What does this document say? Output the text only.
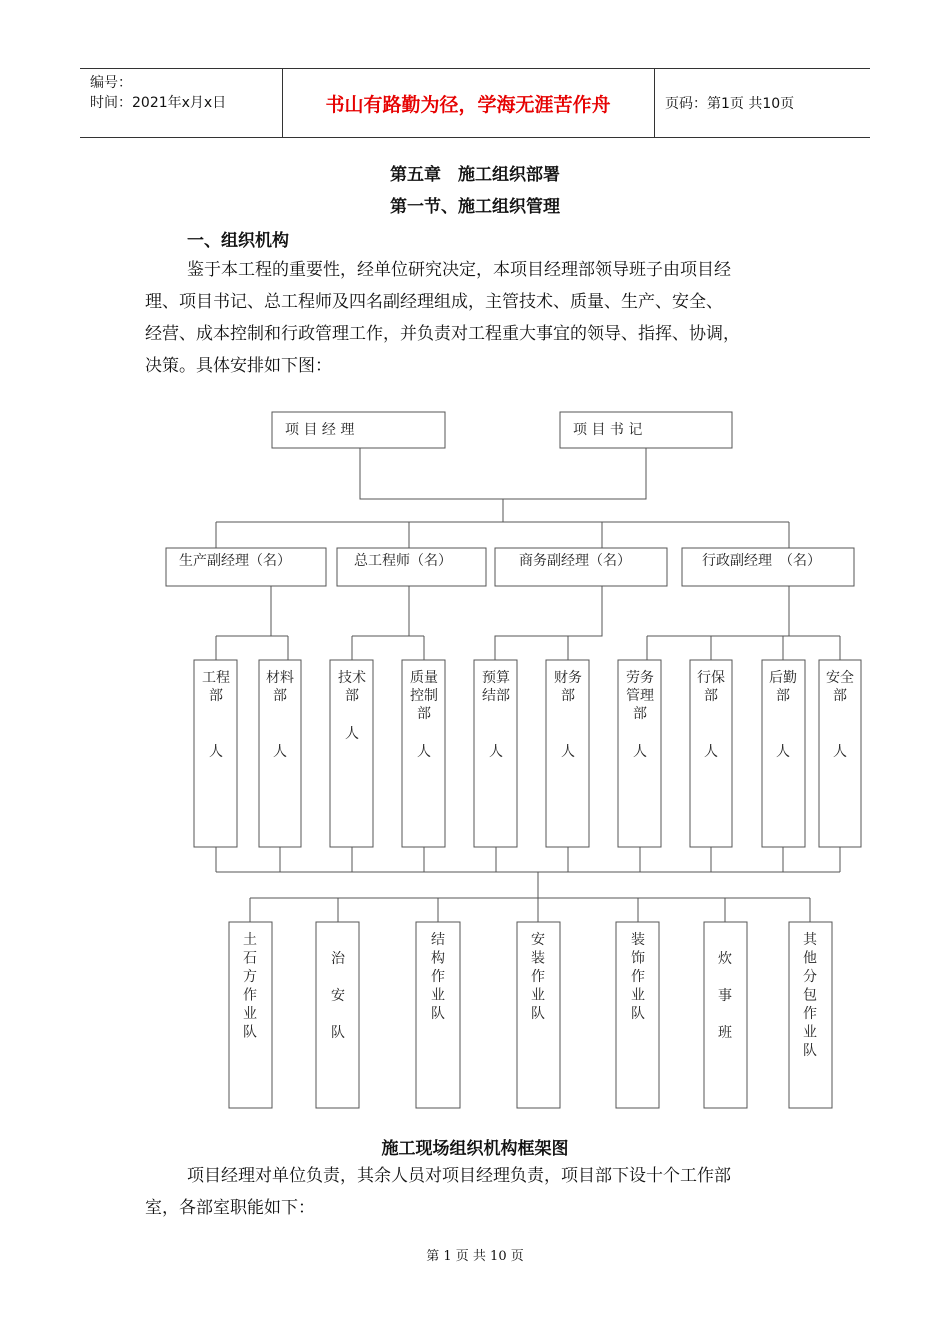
编号：
时间：2021年x月x日	书山有路勤为径，学海无涯苦作舟	页码：第1页 共10页
第五章　施工组织部署
第一节、施工组织管理
一、组织机构

鉴于本工程的重要性，经单位研究决定，本项目经理部领导班子由项目经

理、项目书记、总工程师及四名副经理组成，主管技术、质量、生产、安全、

经营、成本控制和行政管理工作，并负责对工程重大事宜的领导、指挥、协调，

决策。具体安排如下图：

项 目 经 理	项 目 书 记
生产副经理（名）	总工程师（名）	商务副经理（名）	行政副经理　（名）
工程
部
人
材料
部
人
技术
部
人
质量
控制
部
人
预算
结部
人
财务
部
人
劳务
管理
部
人
行保
部
人
后勤
部
人
安全
部
人
土
石
方
作
业
队
治
安
队
结
构
作
业
队
安
装
作
业
队
装
饰
作
业
队
炊
事
班
其
他
分
包
作
业
队
施工现场组织机构框架图

项目经理对单位负责，其余人员对项目经理负责，项目部下设十个工作部

室，各部室职能如下：

第 1 页 共 10 页
